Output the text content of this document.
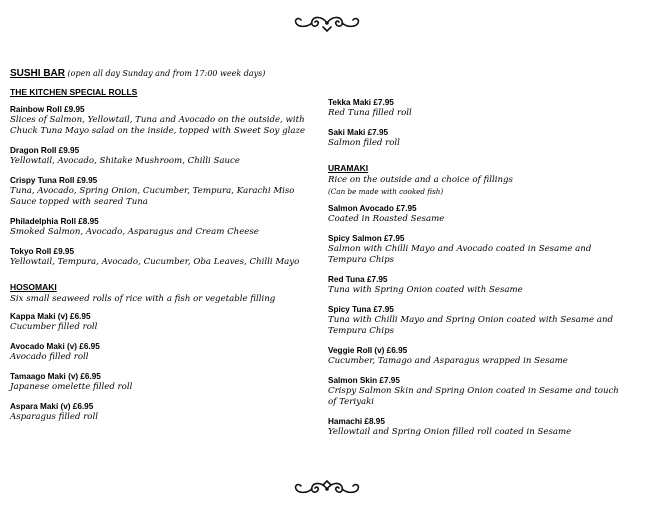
SUSHI BAR (open all day Sunday and from 17:00 week days)
THE KITCHEN SPECIAL ROLLS
Rainbow Roll £9.95
Slices of Salmon, Yellowtail, Tuna and Avocado on the outside, with Chuck Tuna Mayo salad on the inside, topped with Sweet Soy glaze
Dragon Roll £9.95
Yellowtail, Avocado, Shitake Mushroom, Chilli Sauce
Crispy Tuna Roll £9.95
Tuna, Avocado, Spring Onion, Cucumber, Tempura, Karachi Miso Sauce topped with seared Tuna
Philadelphia Roll £8.95
Smoked Salmon, Avocado, Asparagus and Cream Cheese
Tokyo Roll £9.95
Yellowtail, Tempura, Avocado, Cucumber, Oba Leaves, Chilli Mayo
HOSOMAKI
Six small seaweed rolls of rice with a fish or vegetable filling
Kappa Maki (v) £6.95
Cucumber filled roll
Avocado Maki (v) £6.95
Avocado filled roll
Tamaago Maki (v) £6.95
Japanese omelette filled roll
Aspara Maki (v) £6.95
Asparagus filled roll
Tekka Maki £7.95
Red Tuna filled roll
Saki Maki £7.95
Salmon filed roll
URAMAKI
Rice on the outside and a choice of fillings
(Can be made with cooked fish)
Salmon Avocado £7.95
Coated in Roasted Sesame
Spicy Salmon £7.95
Salmon with Chilli Mayo and Avocado coated in Sesame and Tempura Chips
Red Tuna £7.95
Tuna with Spring Onion coated with Sesame
Spicy Tuna £7.95
Tuna with Chilli Mayo and Spring Onion coated with Sesame and Tempura Chips
Veggie Roll (v) £6.95
Cucumber, Tamago and Asparagus wrapped in Sesame
Salmon Skin £7.95
Crispy Salmon Skin and Spring Onion coated in Sesame and touch of Teriyaki
Hamachi £8.95
Yellowtail and Spring Onion filled roll coated in Sesame
